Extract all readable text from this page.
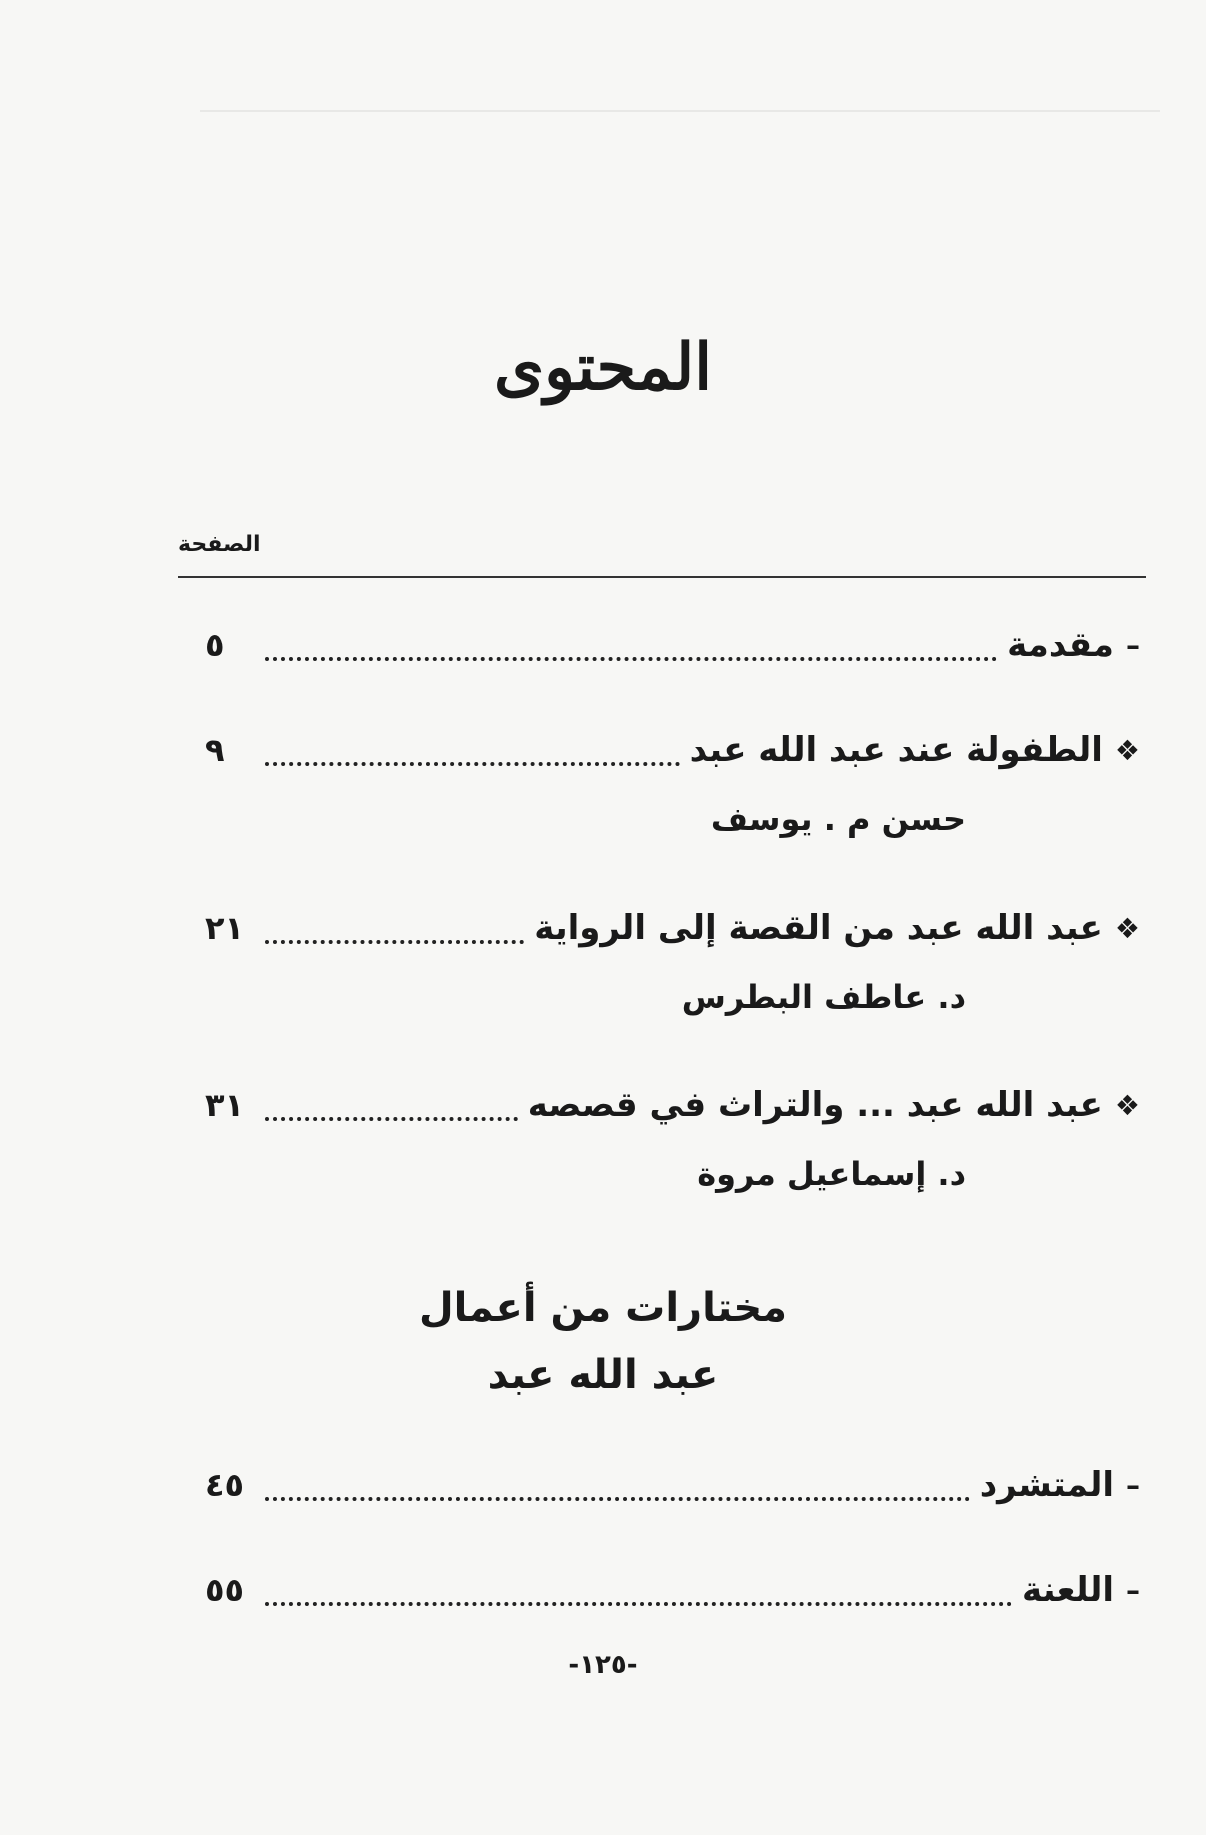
المحتوى
الصفحة
–
مقدمة
٥
❖
الطفولة عند عبد الله عبد
٩
حسن م . يوسف
❖
عبد الله عبد من القصة إلى الرواية
٢١
د. عاطف البطرس
❖
عبد الله عبد ... والتراث في قصصه
٣١
د. إسماعيل مروة
مختارات من أعمال
عبد الله عبد
–
المتشرد
٤٥
–
اللعنة
٥٥
-١٢٥-
